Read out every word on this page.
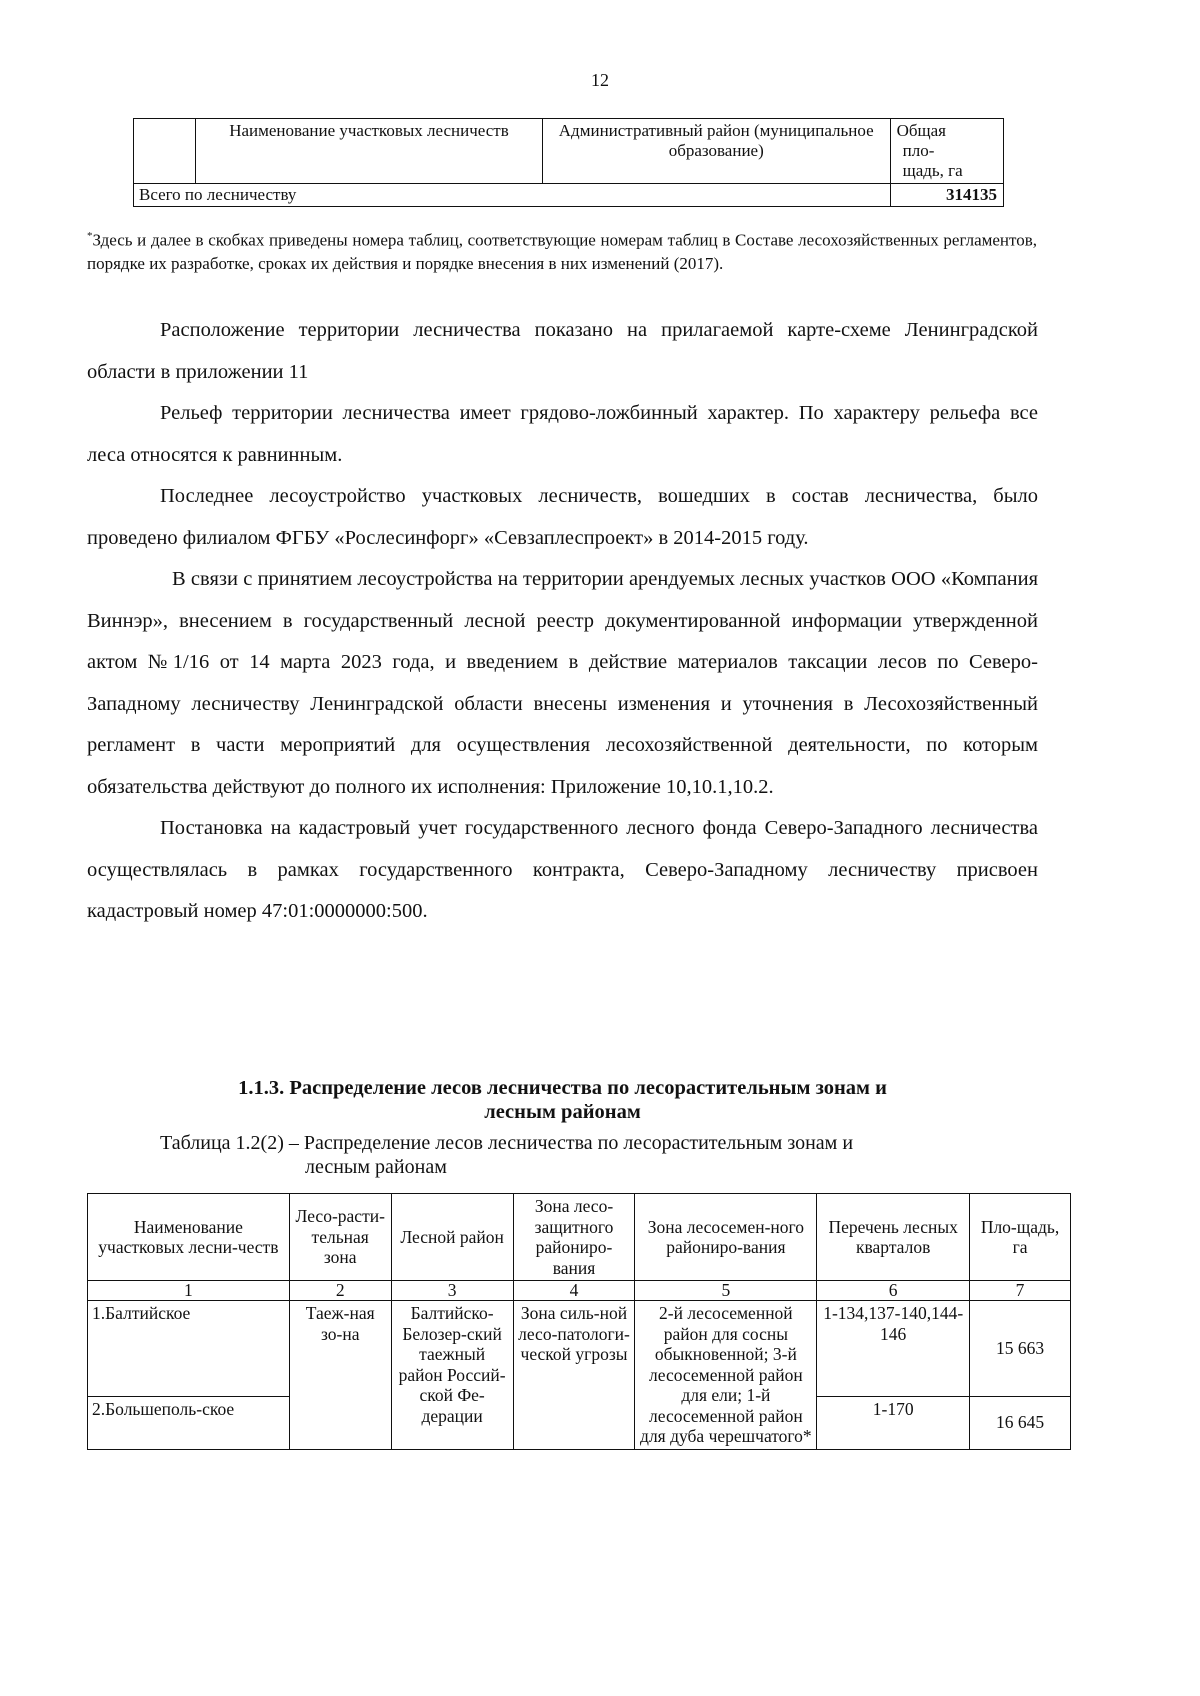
12
	Наименование участковых лесничеств	Административный район (муниципальное образование)	Общая
пло-
щадь, га

Всего по лесничеству			314135
*Здесь и далее в скобках приведены номера таблиц, соответствующие номерам таблиц в Составе лесохозяйственных регламентов, порядке их разработке, сроках их действия и порядке внесения в них изменений (2017).

Расположение территории лесничества показано на прилагаемой карте-схеме Ленинградской области в приложении 11

Рельеф территории лесничества имеет грядово-ложбинный характер. По характеру рельефа все леса относятся к равнинным.

Последнее лесоустройство участковых лесничеств, вошедших в состав лесничества, было проведено филиалом ФГБУ «Рослесинфорг» «Севзаплеспроект» в 2014-2015 году.

В связи с принятием лесоустройства на территории арендуемых лесных участков ООО «Компания Виннэр», внесением в государственный лесной реестр документированной информации утвержденной актом №1/16 от 14 марта 2023 года, и введением в действие материалов таксации лесов по Северо-Западному лесничеству Ленинградской области внесены изменения и уточнения в Лесохозяйственный регламент в части мероприятий для осуществления лесохозяйственной деятельности, по которым обязательства действуют до полного их исполнения: Приложение 10,10.1,10.2.

Постановка на кадастровый учет государственного лесного фонда Северо-Западного лесничества осуществлялась в рамках государственного контракта, Северо-Западному лесничеству присвоен кадастровый номер 47:01:0000000:500.

1.1.3. Распределение лесов лесничества по лесорастительным зонам и
лесным районам
Таблица 1.2(2) – Распределение лесов лесничества по лесорастительным зонам и
лесным районам
Наименование участковых лесни-честв	Лесо-расти-тельная зона	Лесной район	Зона лесо-защитного райониро-вания	Зона лесосемен-ного райониро-вания	Перечень лесных кварталов	Пло-щадь, га
1	2	3	4	5	6	7
1.Балтийское	Таеж-ная зо-на	Балтийско-Белозер-ский таежный район Россий-ской Фе-дерации	Зона силь-ной лесо-патологи-ческой угрозы	2-й лесосеменной район для сосны обыкновенной; 3-й лесосеменной район для ели; 1-й лесосеменной район для дуба черешчатого*	1-134,137-140,144-146	15 663
2.Большеполь-ское					1-170	16 645
